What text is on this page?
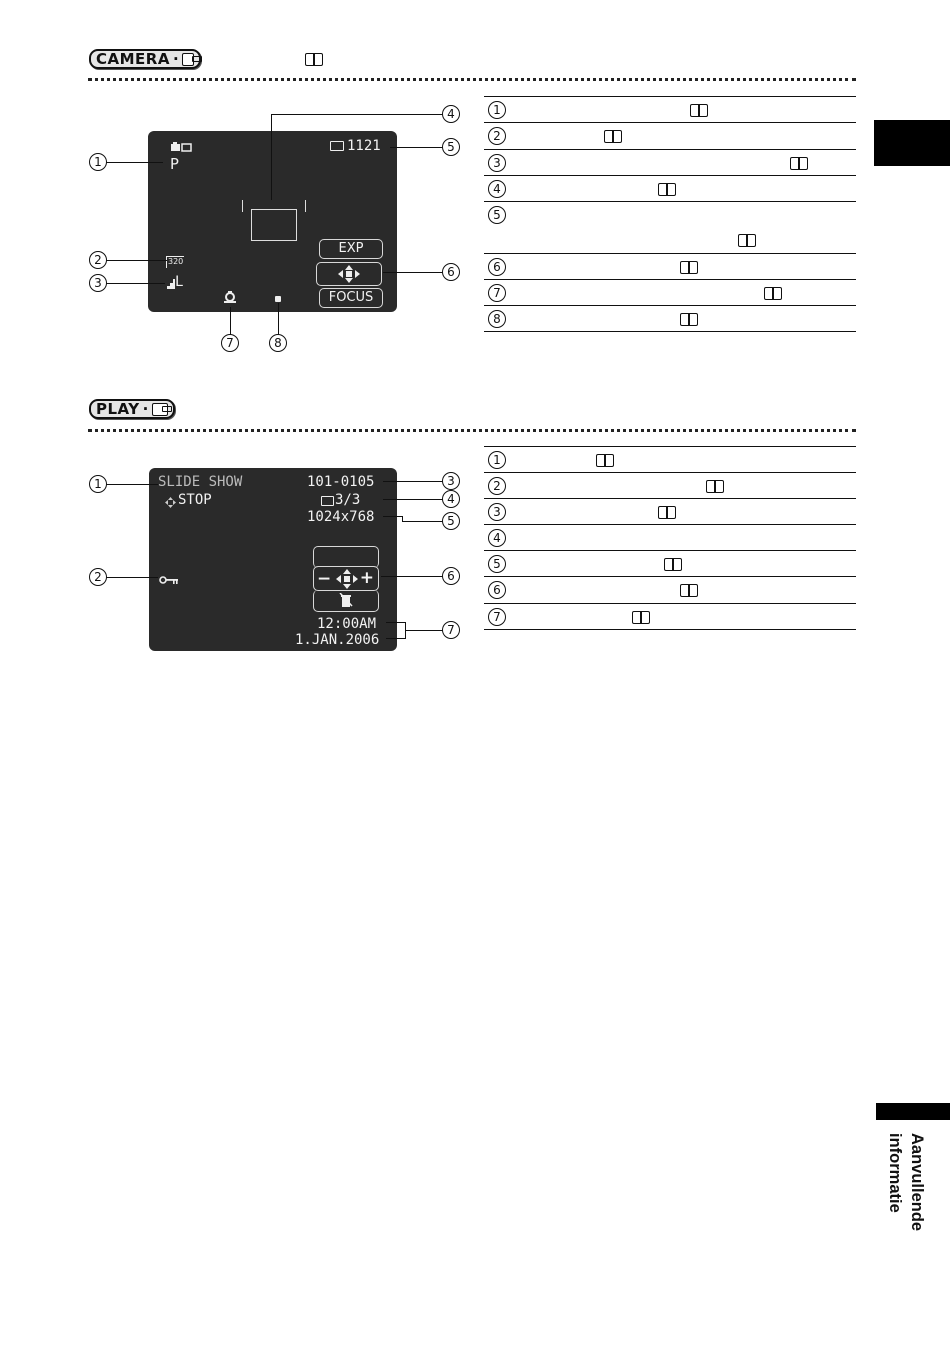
CAMERA ·
P
1121
320
L
EXP
FOCUS
1
2
3
4
5
6
7	8
1
2
3
4
5
6
7
8
PLAY ·
SLIDE SHOW
STOP
101-0105
3/3
1024x768
− +
12:00AM
1.JAN.2006
1
2
3
4
5
6
7
1
2
3
4
5
6
7
Aanvullende informatie
